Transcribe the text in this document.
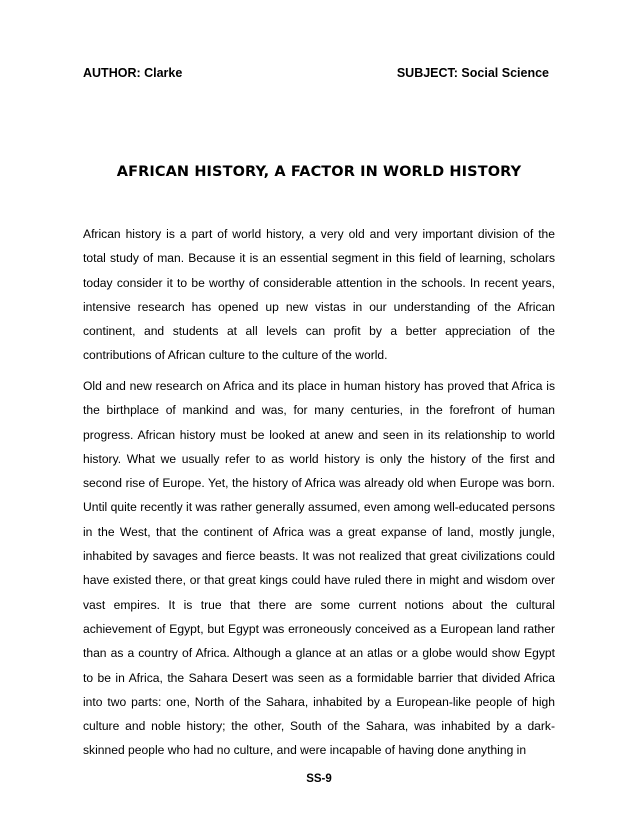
AUTHOR: Clarke	SUBJECT: Social Science
AFRICAN HISTORY, A FACTOR IN WORLD HISTORY

African history is a part of world history, a very old and very important division of the total study of man. Because it is an essential segment in this field of learning, scholars today consider it to be worthy of considerable attention in the schools. In recent years, intensive research has opened up new vistas in our understanding of the African continent, and students at all levels can profit by a better appreciation of the contributions of African culture to the culture of the world.

Old and new research on Africa and its place in human history has proved that Africa is the birthplace of mankind and was, for many centuries, in the forefront of human progress. African history must be looked at anew and seen in its relationship to world history. What we usually refer to as world history is only the history of the first and second rise of Europe. Yet, the history of Africa was already old when Europe was born. Until quite recently it was rather generally assumed, even among well-educated persons in the West, that the continent of Africa was a great expanse of land, mostly jungle, inhabited by savages and fierce beasts. It was not realized that great civilizations could have existed there, or that great kings could have ruled there in might and wisdom over vast empires. It is true that there are some current notions about the cultural achievement of Egypt, but Egypt was erroneously conceived as a European land rather than as a country of Africa. Although a glance at an atlas or a globe would show Egypt to be in Africa, the Sahara Desert was seen as a formidable barrier that divided Africa into two parts: one, North of the Sahara, inhabited by a European-like people of high culture and noble history; the other, South of the Sahara, was inhabited by a dark-skinned people who had no culture, and were incapable of having done anything in

SS-9
